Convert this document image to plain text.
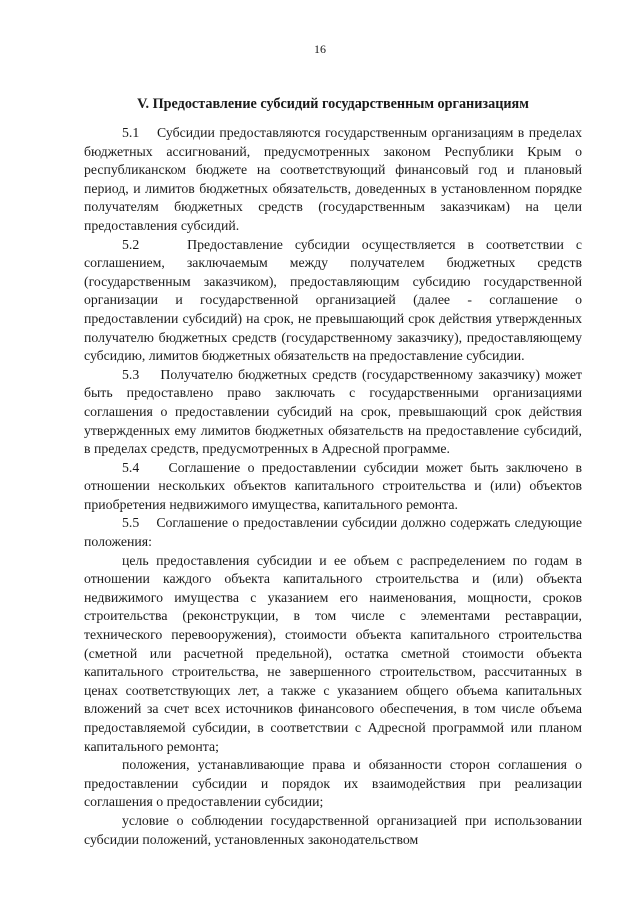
16
V. Предоставление субсидий государственным организациям

5.1    Субсидии предоставляются государственным организациям в пределах бюджетных ассигнований, предусмотренных законом Республики Крым о республиканском бюджете на соответствующий финансовый год и плановый период, и лимитов бюджетных обязательств, доведенных в установленном порядке получателям бюджетных средств (государственным заказчикам) на цели предоставления субсидий.

5.2    Предоставление субсидии осуществляется в соответствии с соглашением, заключаемым между получателем бюджетных средств (государственным заказчиком), предоставляющим субсидию государственной организации и государственной организацией (далее - соглашение о предоставлении субсидий) на срок, не превышающий срок действия утвержденных получателю бюджетных средств (государственному заказчику), предоставляющему субсидию, лимитов бюджетных обязательств на предоставление субсидии.

5.3    Получателю бюджетных средств (государственному заказчику) может быть предоставлено право заключать с государственными организациями соглашения о предоставлении субсидий на срок, превышающий срок действия утвержденных ему лимитов бюджетных обязательств на предоставление субсидий, в пределах средств, предусмотренных в Адресной программе.

5.4    Соглашение о предоставлении субсидии может быть заключено в отношении нескольких объектов капитального строительства и (или) объектов приобретения недвижимого имущества, капитального ремонта.

5.5    Соглашение о предоставлении субсидии должно содержать следующие положения:

цель предоставления субсидии и ее объем с распределением по годам в отношении каждого объекта капитального строительства и (или) объекта недвижимого имущества с указанием его наименования, мощности, сроков строительства (реконструкции, в том числе с элементами реставрации, технического перевооружения), стоимости объекта капитального строительства (сметной или расчетной предельной), остатка сметной стоимости объекта капитального строительства, не завершенного строительством, рассчитанных в ценах соответствующих лет, а также с указанием общего объема капитальных вложений за счет всех источников финансового обеспечения, в том числе объема предоставляемой субсидии, в соответствии с Адресной программой или планом капитального ремонта;

положения, устанавливающие права и обязанности сторон соглашения о предоставлении субсидии и порядок их взаимодействия при реализации соглашения о предоставлении субсидии;

условие о соблюдении государственной организацией при использовании субсидии положений, установленных законодательством
